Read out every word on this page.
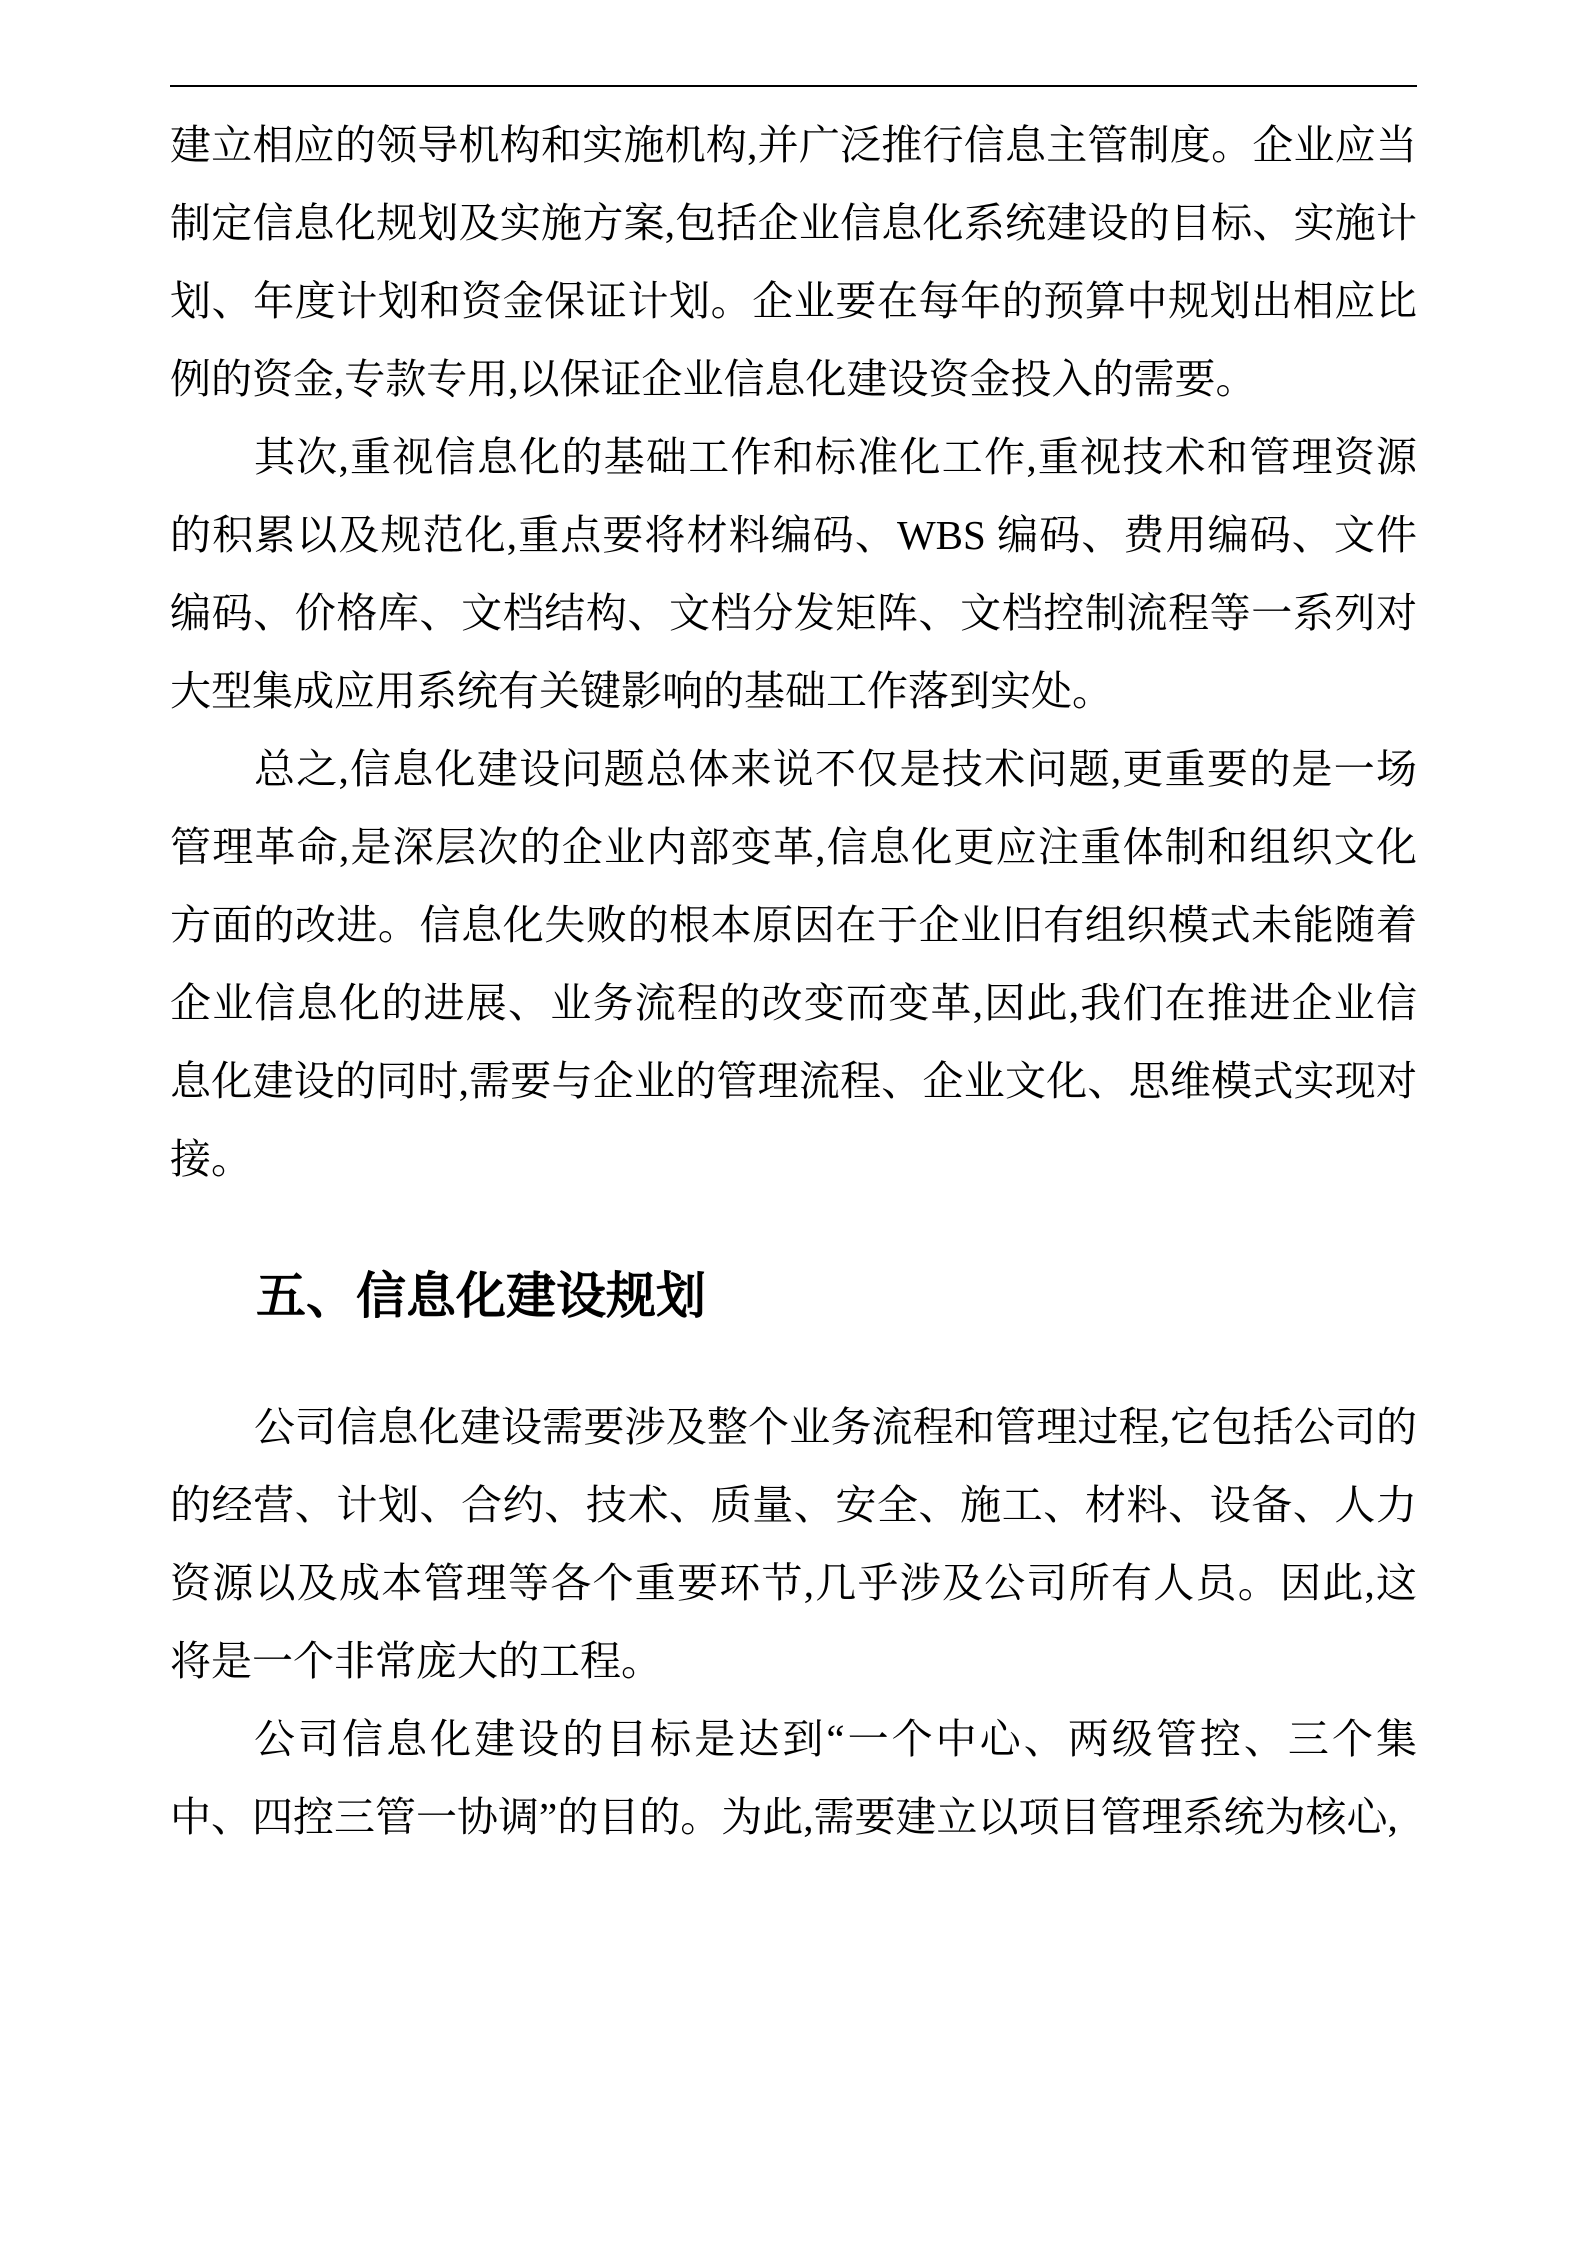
建立相应的领导机构和实施机构,并广泛推行信息主管制度。企业应当制定信息化规划及实施方案,包括企业信息化系统建设的目标、实施计划、年度计划和资金保证计划。企业要在每年的预算中规划出相应比例的资金,专款专用,以保证企业信息化建设资金投入的需要。

其次,重视信息化的基础工作和标准化工作,重视技术和管理资源的积累以及规范化,重点要将材料编码、WBS 编码、费用编码、文件编码、价格库、文档结构、文档分发矩阵、文档控制流程等一系列对大型集成应用系统有关键影响的基础工作落到实处。

总之,信息化建设问题总体来说不仅是技术问题,更重要的是一场管理革命,是深层次的企业内部变革,信息化更应注重体制和组织文化方面的改进。信息化失败的根本原因在于企业旧有组织模式未能随着企业信息化的进展、业务流程的改变而变革,因此,我们在推进企业信息化建设的同时,需要与企业的管理流程、企业文化、思维模式实现对接。

五、信息化建设规划

公司信息化建设需要涉及整个业务流程和管理过程,它包括公司的的经营、计划、合约、技术、质量、安全、施工、材料、设备、人力资源以及成本管理等各个重要环节,几乎涉及公司所有人员。因此,这将是一个非常庞大的工程。

公司信息化建设的目标是达到“一个中心、两级管控、三个集中、四控三管一协调”的目的。为此,需要建立以项目管理系统为核心,
